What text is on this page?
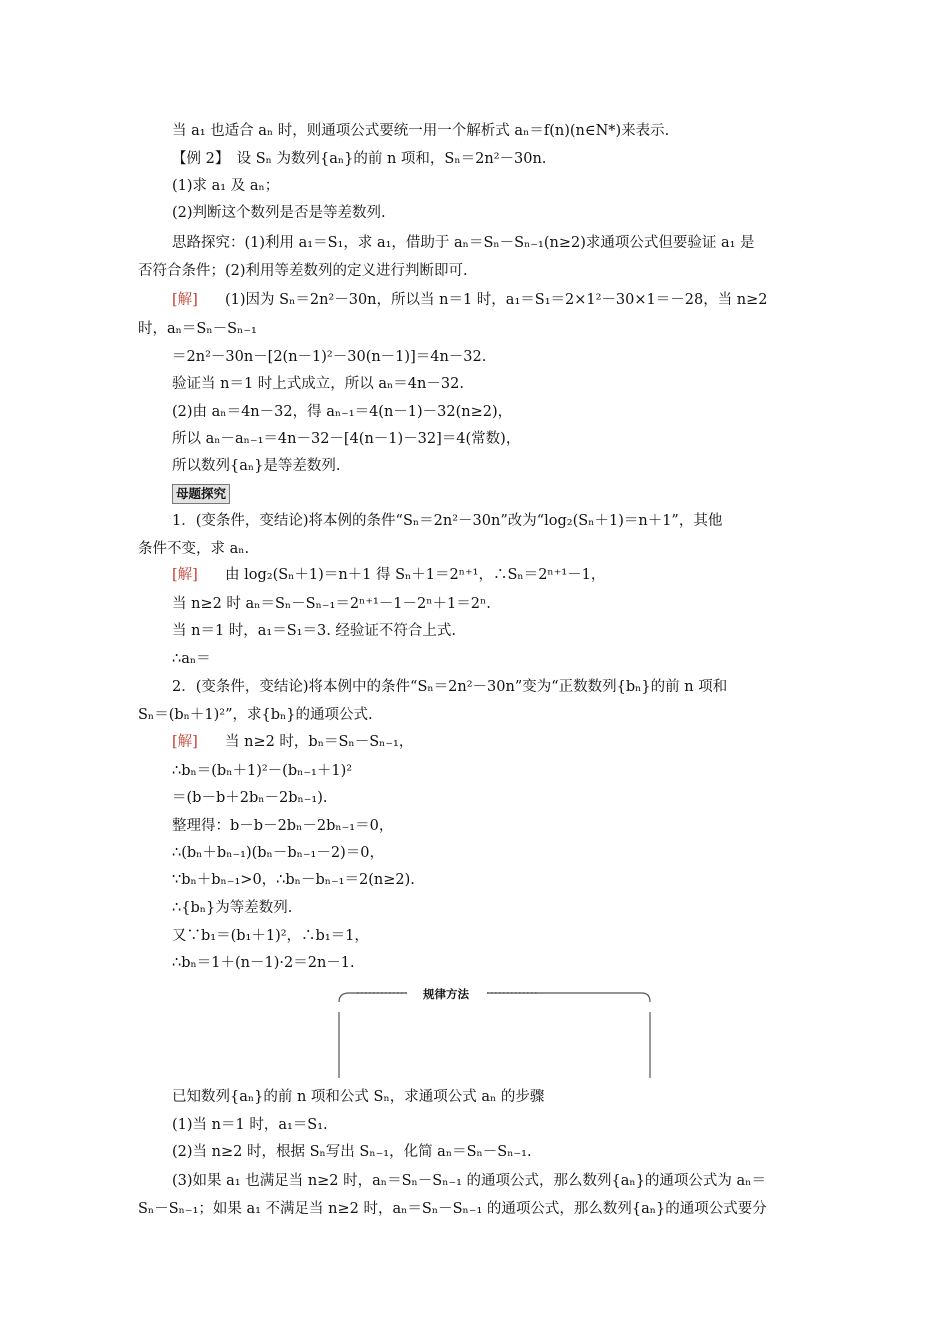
当 a₁ 也适合 aₙ 时，则通项公式要统一用一个解析式 aₙ＝f(n)(n∈N*)来表示.
【例 2】　设 Sₙ 为数列{aₙ}的前 n 项和，Sₙ＝2n²－30n.
(1)求 a₁ 及 aₙ；
(2)判断这个数列是否是等差数列.
思路探究：(1)利用 a₁＝S₁，求 a₁，借助于 aₙ＝Sₙ－Sₙ₋₁(n≥2)求通项公式但要验证 a₁ 是
否符合条件；(2)利用等差数列的定义进行判断即可.
[解] (1)因为 Sₙ＝2n²－30n，所以当 n＝1 时，a₁＝S₁＝2×1²－30×1＝－28，当 n≥2
时，aₙ＝Sₙ－Sₙ₋₁
＝2n²－30n－[2(n－1)²－30(n－1)]＝4n－32.
验证当 n＝1 时上式成立，所以 aₙ＝4n－32.
(2)由 aₙ＝4n－32，得 aₙ₋₁＝4(n－1)－32(n≥2)，
所以 aₙ－aₙ₋₁＝4n－32－[4(n－1)－32]＝4(常数)，
所以数列{aₙ}是等差数列.
母题探究
1．(变条件，变结论)将本例的条件“Sₙ＝2n²－30n”改为“log₂(Sₙ＋1)＝n＋1”，其他
条件不变，求 aₙ.
[解] 由 log₂(Sₙ＋1)＝n＋1 得 Sₙ＋1＝2ⁿ⁺¹，∴Sₙ＝2ⁿ⁺¹－1，
当 n≥2 时 aₙ＝Sₙ－Sₙ₋₁＝2ⁿ⁺¹－1－2ⁿ＋1＝2ⁿ.
当 n＝1 时，a₁＝S₁＝3. 经验证不符合上式.
∴aₙ＝
2．(变条件，变结论)将本例中的条件“Sₙ＝2n²－30n”变为“正数数列{bₙ}的前 n 项和
Sₙ＝(bₙ＋1)²”，求{bₙ}的通项公式.
[解] 当 n≥2 时，bₙ＝Sₙ－Sₙ₋₁，
∴bₙ＝(bₙ＋1)²－(bₙ₋₁＋1)²
＝(b－b＋2bₙ－2bₙ₋₁).
整理得：b－b－2bₙ－2bₙ₋₁＝0，
∴(bₙ＋bₙ₋₁)(bₙ－bₙ₋₁－2)＝0，
∵bₙ＋bₙ₋₁>0，∴bₙ－bₙ₋₁＝2(n≥2).
∴{bₙ}为等差数列.
又∵b₁＝(b₁＋1)²，∴b₁＝1，
∴bₙ＝1＋(n－1)·2＝2n－1.
规律方法
已知数列{aₙ}的前 n 项和公式 Sₙ，求通项公式 aₙ 的步骤
(1)当 n＝1 时，a₁＝S₁.
(2)当 n≥2 时，根据 Sₙ写出 Sₙ₋₁，化简 aₙ＝Sₙ－Sₙ₋₁.
(3)如果 a₁ 也满足当 n≥2 时，aₙ＝Sₙ－Sₙ₋₁ 的通项公式，那么数列{aₙ}的通项公式为 aₙ＝
Sₙ－Sₙ₋₁；如果 a₁ 不满足当 n≥2 时，aₙ＝Sₙ－Sₙ₋₁ 的通项公式，那么数列{aₙ}的通项公式要分
